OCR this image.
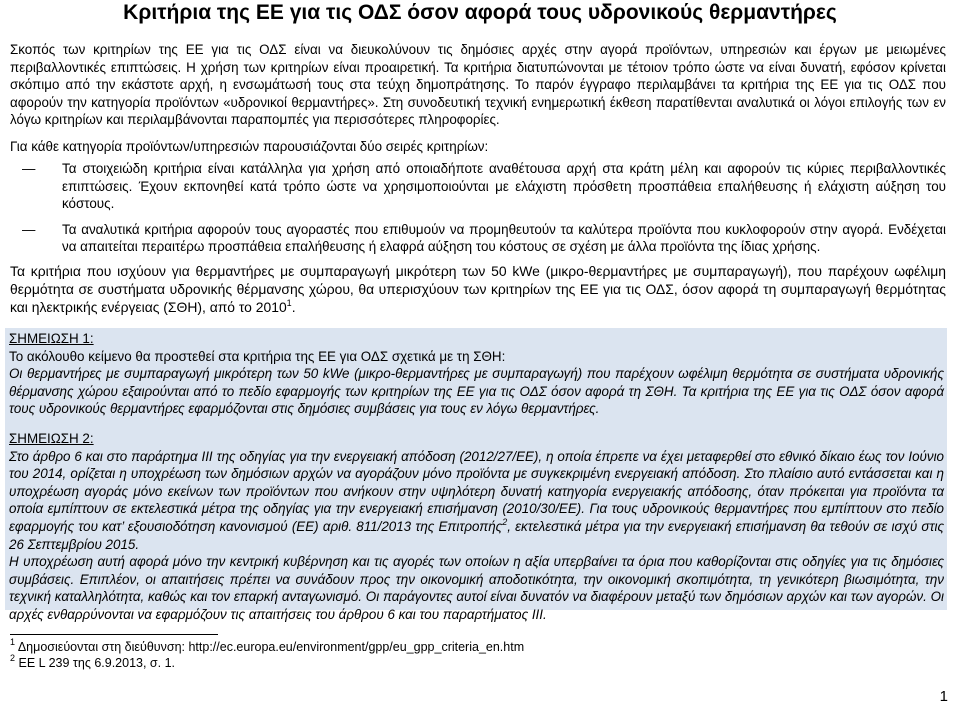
Κριτήρια της ΕΕ για τις ΟΔΣ όσον αφορά τους υδρονικούς θερμαντήρες
Σκοπός των κριτηρίων της ΕΕ για τις ΟΔΣ είναι να διευκολύνουν τις δημόσιες αρχές στην αγορά προϊόντων, υπηρεσιών και έργων με μειωμένες περιβαλλοντικές επιπτώσεις. Η χρήση των κριτηρίων είναι προαιρετική. Τα κριτήρια διατυπώνονται με τέτοιον τρόπο ώστε να είναι δυνατή, εφόσον κρίνεται σκόπιμο από την εκάστοτε αρχή, η ενσωμάτωσή τους στα τεύχη δημοπράτησης. Το παρόν έγγραφο περιλαμβάνει τα κριτήρια της ΕΕ για τις ΟΔΣ που αφορούν την κατηγορία προϊόντων «υδρονικοί θερμαντήρες». Στη συνοδευτική τεχνική ενημερωτική έκθεση παρατίθενται αναλυτικά οι λόγοι επιλογής των εν λόγω κριτηρίων και περιλαμβάνονται παραπομπές για περισσότερες πληροφορίες.
Για κάθε κατηγορία προϊόντων/υπηρεσιών παρουσιάζονται δύο σειρές κριτηρίων:
— Τα στοιχειώδη κριτήρια είναι κατάλληλα για χρήση από οποιαδήποτε αναθέτουσα αρχή στα κράτη μέλη και αφορούν τις κύριες περιβαλλοντικές επιπτώσεις. Έχουν εκπονηθεί κατά τρόπο ώστε να χρησιμοποιούνται με ελάχιστη πρόσθετη προσπάθεια επαλήθευσης ή ελάχιστη αύξηση του κόστους.
— Τα αναλυτικά κριτήρια αφορούν τους αγοραστές που επιθυμούν να προμηθευτούν τα καλύτερα προϊόντα που κυκλοφορούν στην αγορά. Ενδέχεται να απαιτείται περαιτέρω προσπάθεια επαλήθευσης ή ελαφρά αύξηση του κόστους σε σχέση με άλλα προϊόντα της ίδιας χρήσης.
Τα κριτήρια που ισχύουν για θερμαντήρες με συμπαραγωγή μικρότερη των 50 kWe (μικρο-θερμαντήρες με συμπαραγωγή), που παρέχουν ωφέλιμη θερμότητα σε συστήματα υδρονικής θέρμανσης χώρου, θα υπερισχύουν των κριτηρίων της ΕΕ για τις ΟΔΣ, όσον αφορά τη συμπαραγωγή θερμότητας και ηλεκτρικής ενέργειας (ΣΘΗ), από το 2010$^1$.

ΣΗΜΕΙΩΣΗ 1:

Το ακόλουθο κείμενο θα προστεθεί στα κριτήρια της ΕΕ για ΟΔΣ σχετικά με τη ΣΘΗ:
Οι θερμαντήρες με συμπαραγωγή μικρότερη των 50 kWe (μικρο-θερμαντήρες με συμπαραγωγή) που παρέχουν ωφέλιμη θερμότητα σε συστήματα υδρονικής θέρμανσης χώρου εξαιρούνται από το πεδίο εφαρμογής των κριτηρίων της ΕΕ για τις ΟΔΣ όσον αφορά τη ΣΘΗ. Τα κριτήρια της ΕΕ για τις ΟΔΣ όσον αφορά τους υδρονικούς θερμαντήρες εφαρμόζονται στις δημόσιες συμβάσεις για τους εν λόγω θερμαντήρες.

ΣΗΜΕΙΩΣΗ 2:

Στο άρθρο 6 και στο παράρτημα III της οδηγίας για την ενεργειακή απόδοση (2012/27/ΕΕ), η οποία έπρεπε να έχει μεταφερθεί στο εθνικό δίκαιο έως τον Ιούνιο του 2014, ορίζεται η υποχρέωση των δημόσιων αρχών να αγοράζουν μόνο προϊόντα με συγκεκριμένη ενεργειακή απόδοση. Στο πλαίσιο αυτό εντάσσεται και η υποχρέωση αγοράς μόνο εκείνων των προϊόντων που ανήκουν στην υψηλότερη δυνατή κατηγορία ενεργειακής απόδοσης, όταν πρόκειται για προϊόντα τα οποία εμπίπτουν σε εκτελεστικά μέτρα της οδηγίας για την ενεργειακή επισήμανση (2010/30/ΕΕ). Για τους υδρονικούς θερμαντήρες που εμπίπτουν στο πεδίο εφαρμογής του κατ’ εξουσιοδότηση κανονισμού (ΕΕ) αριθ. 811/2013 της Επιτροπής$^2$, εκτελεστικά μέτρα για την ενεργειακή επισήμανση θα τεθούν σε ισχύ στις 26 Σεπτεμβρίου 2015.
Η υποχρέωση αυτή αφορά μόνο την κεντρική κυβέρνηση και τις αγορές των οποίων η αξία υπερβαίνει τα όρια που καθορίζονται στις οδηγίες για τις δημόσιες συμβάσεις. Επιπλέον, οι απαιτήσεις πρέπει να συνάδουν προς την οικονομική αποδοτικότητα, την οικονομική σκοπιμότητα, τη γενικότερη βιωσιμότητα, την τεχνική καταλληλότητα, καθώς και τον επαρκή ανταγωνισμό. Οι παράγοντες αυτοί είναι δυνατόν να διαφέρουν μεταξύ των δημόσιων αρχών και των αγορών. Οι αρχές ενθαρρύνονται να εφαρμόζουν τις απαιτήσεις του άρθρου 6 και του παραρτήματος ΙΙΙ.
$^1$ Δημοσιεύονται στη διεύθυνση: http://ec.europa.eu/environment/gpp/eu_gpp_criteria_en.htm
$^2$ ΕΕ L 239 της 6.9.2013, σ. 1.
1
